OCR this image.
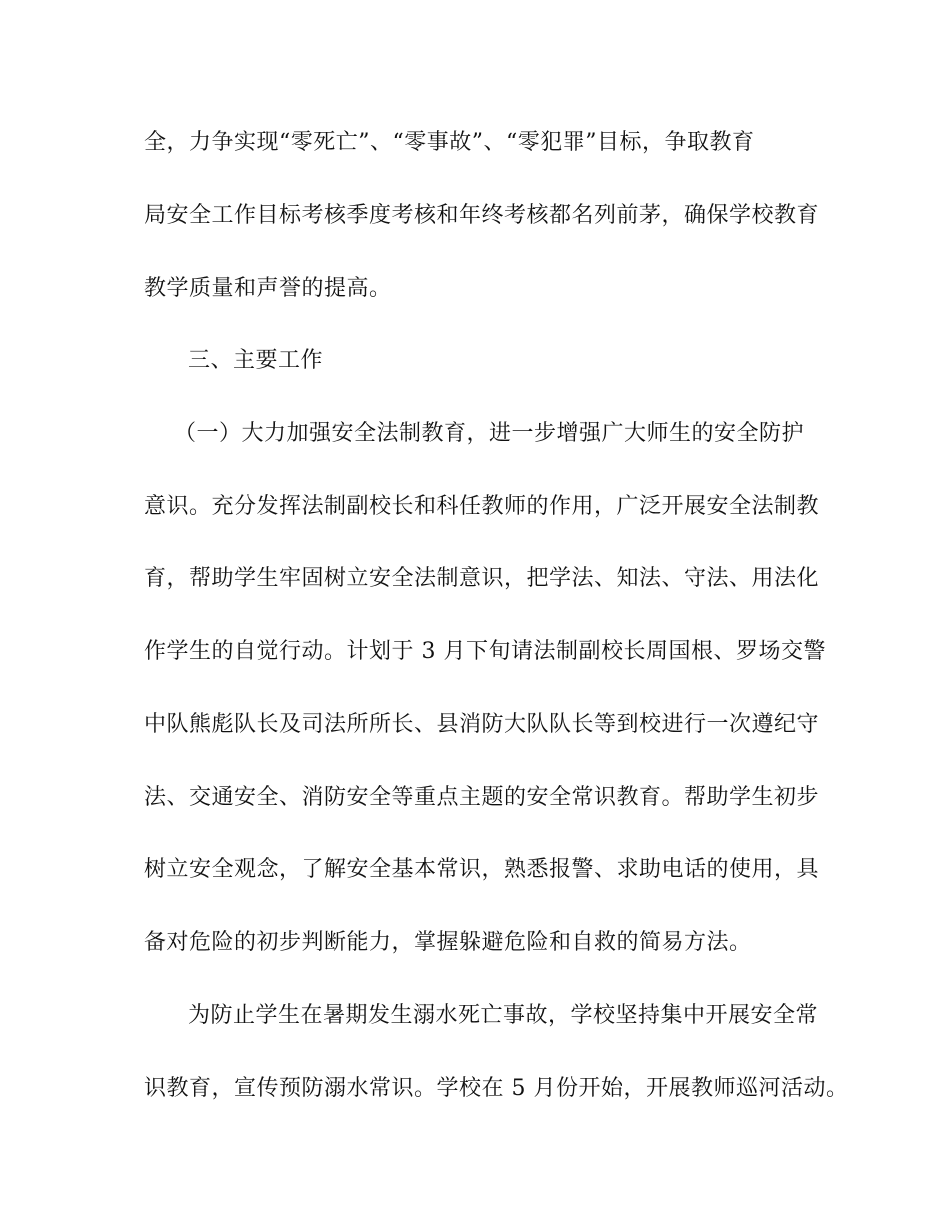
全，力争实现“零死亡”、“零事故”、“零犯罪”目标，争取教育
局安全工作目标考核季度考核和年终考核都名列前茅，确保学校教育
教学质量和声誉的提高。
三、主要工作
（一）大力加强安全法制教育，进一步增强广大师生的安全防护
意识。充分发挥法制副校长和科任教师的作用，广泛开展安全法制教
育，帮助学生牢固树立安全法制意识，把学法、知法、守法、用法化
作学生的自觉行动。计划于 3 月下旬请法制副校长周国根、罗场交警
中队熊彪队长及司法所所长、县消防大队队长等到校进行一次遵纪守
法、交通安全、消防安全等重点主题的安全常识教育。帮助学生初步
树立安全观念，了解安全基本常识，熟悉报警、求助电话的使用，具
备对危险的初步判断能力，掌握躲避危险和自救的简易方法。
为防止学生在暑期发生溺水死亡事故，学校坚持集中开展安全常
识教育，宣传预防溺水常识。学校在 5 月份开始，开展教师巡河活动。
